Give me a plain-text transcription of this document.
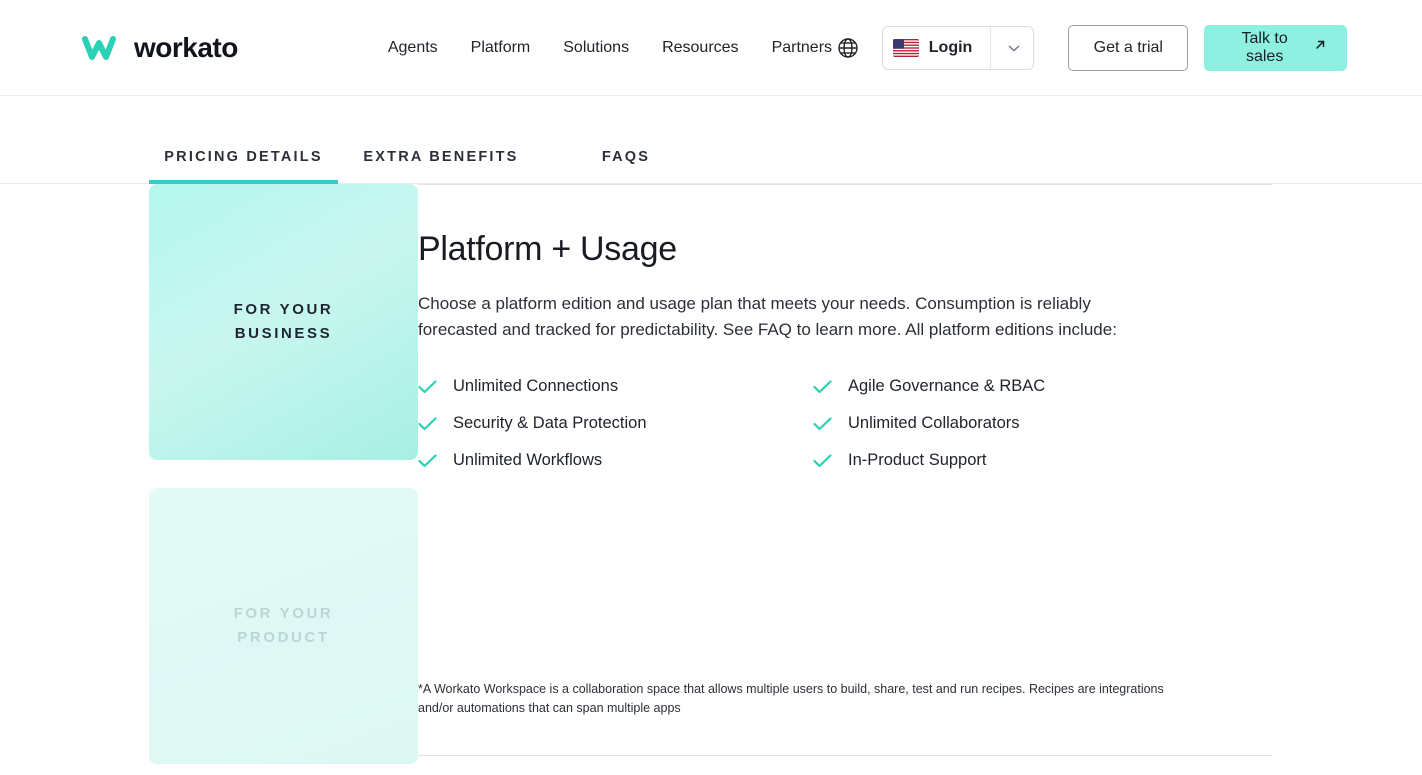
workato	Agents Platform Solutions Resources Partners	Login	Get a trial
Talk to sales
PRICING DETAILS	EXTRA BENEFITS	FAQS
FOR YOUR
BUSINESS
FOR YOUR
PRODUCT
Platform + Usage

Choose a platform edition and usage plan that meets your needs. Consumption is reliably forecasted and tracked for predictability. See FAQ to learn more. All platform editions include:

Unlimited Connections	Agile Governance & RBAC
Security & Data Protection	Unlimited Collaborators
Unlimited Workflows	In-Product Support

*A Workato Workspace is a collaboration space that allows multiple users to build, share, test and run recipes. Recipes are integrations and/or automations that can span multiple apps
